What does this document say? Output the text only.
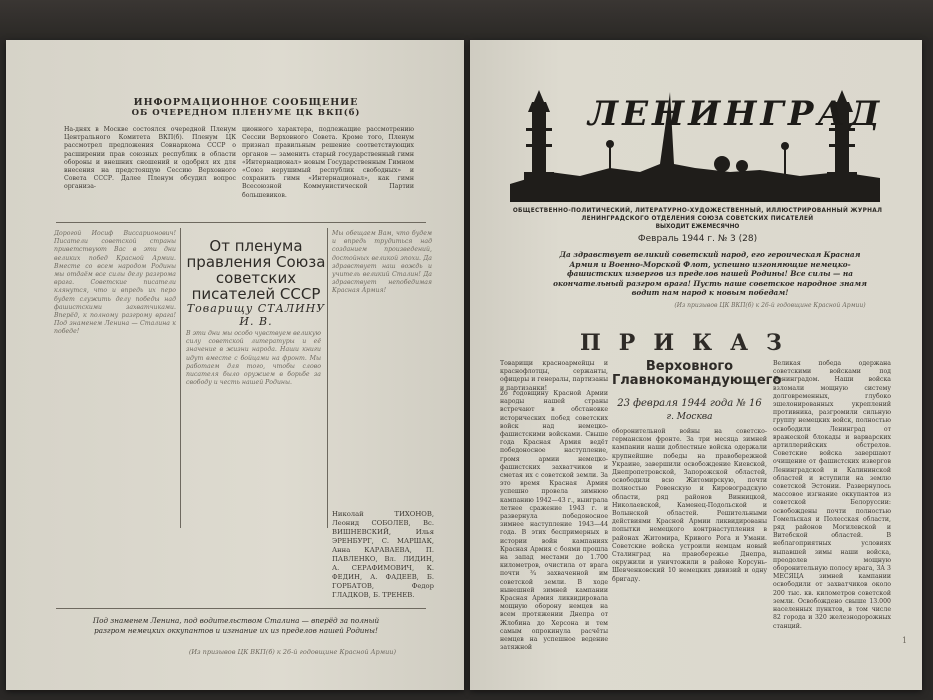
ИНФОРМАЦИОННОЕ СООБЩЕНИЕ
ОБ ОЧЕРЕДНОМ ПЛЕНУМЕ ЦК ВКП(б)
На-днях в Москве состоялся очередной Пленум Центрального Комитета ВКП(б). Пленум ЦК рассмотрел предложения Совнаркома СССР о расширении прав союзных республик в области обороны и внешних сношений и одобрил их для внесения на предстоящую Сессию Верховного Совета СССР. Далее Пленум обсудил вопрос организа-
ционного характера, подлежащие рассмотрению Сессии Верховного Совета. Кроме того, Пленум признал правильным решение соответствующих органов — заменить старый государственный гимн «Интернационал» новым Государственным Гимном «Союз нерушимый республик свободных» и сохранить гимн «Интернационал», как гимн Всесоюзной Коммунистической Партии большевиков.
Дорогой Иосиф Виссарионович! Писатели советской страны приветствуют Вас в эти дни великих побед Красной Армии. Вместе со всем народом Родины мы отдаём все силы делу разгрома врага. Советские писатели клянутся, что и впредь их перо будет служить делу победы над фашистскими захватчиками. Вперёд, к полному разгрому врага! Под знаменем Ленина — Сталина к победе!
От пленума правления Союза советских писателей СССР
Товарищу СТАЛИНУ И. В.
В эти дни мы особо чувствуем великую силу советской литературы и её значение в жизни народа. Наши книги идут вместе с бойцами на фронт. Мы работаем для того, чтобы слово писателя было оружием в борьбе за свободу и честь нашей Родины.
Мы обещаем Вам, что будем и впредь трудиться над созданием произведений, достойных великой эпохи. Да здравствует наш вождь и учитель великий Сталин! Да здравствует непобедимая Красная Армия!
Николай ТИХОНОВ, Леонид СОБОЛЕВ, Вс. ВИШНЕВСКИЙ, Илья ЭРЕНБУРГ, С. МАРШАК, Анна КАРАВАЕВА, П. ПАВЛЕНКО, Вл. ЛИДИН, А. СЕРАФИМОВИЧ, К. ФЕДИН, А. ФАДЕЕВ, Б. ГОРБАТОВ, Федор ГЛАДКОВ, Б. ТРЕНЕВ.
Под знаменем Ленина, под водительством Сталина — вперёд за полный разгром немецких оккупантов и изгнание их из пределов нашей Родины!
(Из призывов ЦК ВКП(б) к 26-й годовщине Красной Армии)
ЛЕНИНГРАД
ОБЩЕСТВЕННО-ПОЛИТИЧЕСКИЙ, ЛИТЕРАТУРНО-ХУДОЖЕСТВЕННЫЙ, ИЛЛЮСТРИРОВАННЫЙ ЖУРНАЛ ЛЕНИНГРАДСКОГО ОТДЕЛЕНИЯ СОЮЗА СОВЕТСКИХ ПИСАТЕЛЕЙ
ВЫХОДИТ ЕЖЕМЕСЯЧНО
Февраль 1944 г. № 3 (28)
Да здравствует великий советский народ, его героическая Красная Армия и Военно-Морской Флот, успешно изгоняющие немецко-фашистских извергов из пределов нашей Родины! Все силы — на окончательный разгром врага! Пусть наше советское народное знамя водит нам народ к новым победам!
(Из призывов ЦК ВКП(б) к 26-й годовщине Красной Армии)
ПРИКАЗ
Верховного Главнокомандующего
23 февраля 1944 года № 16
г. Москва
Товарищи красноармейцы и краснофлотцы, сержанты, офицеры и генералы, партизаны и партизанки!
26 годовщину Красной Армии народы нашей страны встречают в обстановке исторических побед советских войск над немецко-фашистскими войсками. Свыше года Красная Армия ведёт победоносное наступление, громя армии немецко-фашистских захватчиков и сметая их с советской земли. За это время Красная Армия успешно провела зимнюю кампанию 1942—43 г., выиграла летнее сражение 1943 г. и развернула победоносное зимнее наступление 1943—44 года. В этих беспримерных в истории войн кампаниях Красная Армия с боями прошла на запад местами до 1.700 километров, очистила от врага почти ¾ захваченной им советской земли. В ходе нынешней зимней кампании Красная Армия ликвидировала мощную оборону немцев на всем протяжении Днепра от Жлобина до Херсона и тем самым опрокинула расчёты немцев на успешное ведение затяжной
оборонительной войны на советско-германском фронте. За три месяца зимней кампании наши доблестные войска одержали крупнейшие победы на правобережной Украине, завершили освобождение Киевской, Днепропетровской, Запорожской областей, освободили всю Житомирскую, почти полностью Ровенскую и Кировоградскую области, ряд районов Винницкой, Николаевской, Каменец-Подольской и Волынской областей. Решительными действиями Красной Армии ликвидированы попытки немецкого контрнаступления в районах Житомира, Кривого Рога и Умани. Советские войска устроили немцам новый Сталинград на правобережье Днепра, окружили и уничтожили в районе Корсунь-Шевченковский 10 немецких дивизий и одну бригаду.
Великая победа одержана советскими войсками под Ленинградом. Наши войска взломали мощную систему долговременных, глубоко эшелонированных укреплений противника, разгромили сильную группу немецких войск, полностью освободили Ленинград от вражеской блокады и варварских артиллерийских обстрелов. Советские войска завершают очищение от фашистских извергов Ленинградской и Калининской областей и вступили на землю советской Эстонии. Развернулось массовое изгнание оккупантов из советской Белоруссии: освобождены почти полностью Гомельская и Полесская области, ряд районов Могилевской и Витебской областей. В неблагоприятных условиях выпавшей зимы наши войска, преодолев мощную оборонительную полосу врага, ЗА 3 МЕСЯЦА зимней кампании освободили от захватчиков около 200 тыс. кв. километров советской земли. Освобождено свыше 13.000 населенных пунктов, в том числе 82 города и 320 железнодорожных станций.
1
